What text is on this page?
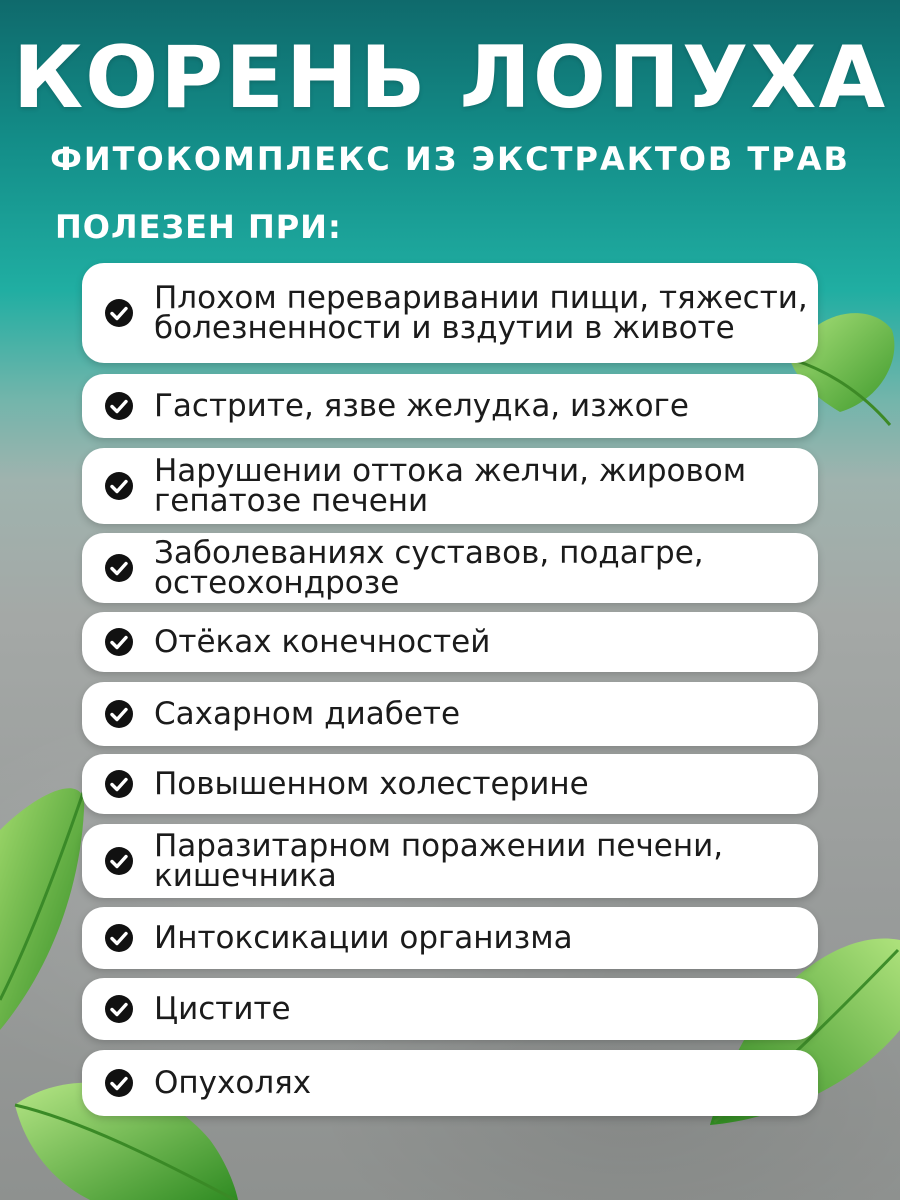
КОРЕНЬ ЛОПУХА
ФИТОКОМПЛЕКС ИЗ ЭКСТРАКТОВ ТРАВ
ПОЛЕЗЕН ПРИ:
Плохом переваривании пищи, тяжести,
болезненности и вздутии в животе
Гастрите, язве желудка, изжоге
Нарушении оттока желчи, жировом
гепатозе печени
Заболеваниях суставов, подагре,
остеохондрозе
Отёках конечностей
Сахарном диабете
Повышенном холестерине
Паразитарном поражении печени,
кишечника
Интоксикации организма
Цистите
Опухолях
